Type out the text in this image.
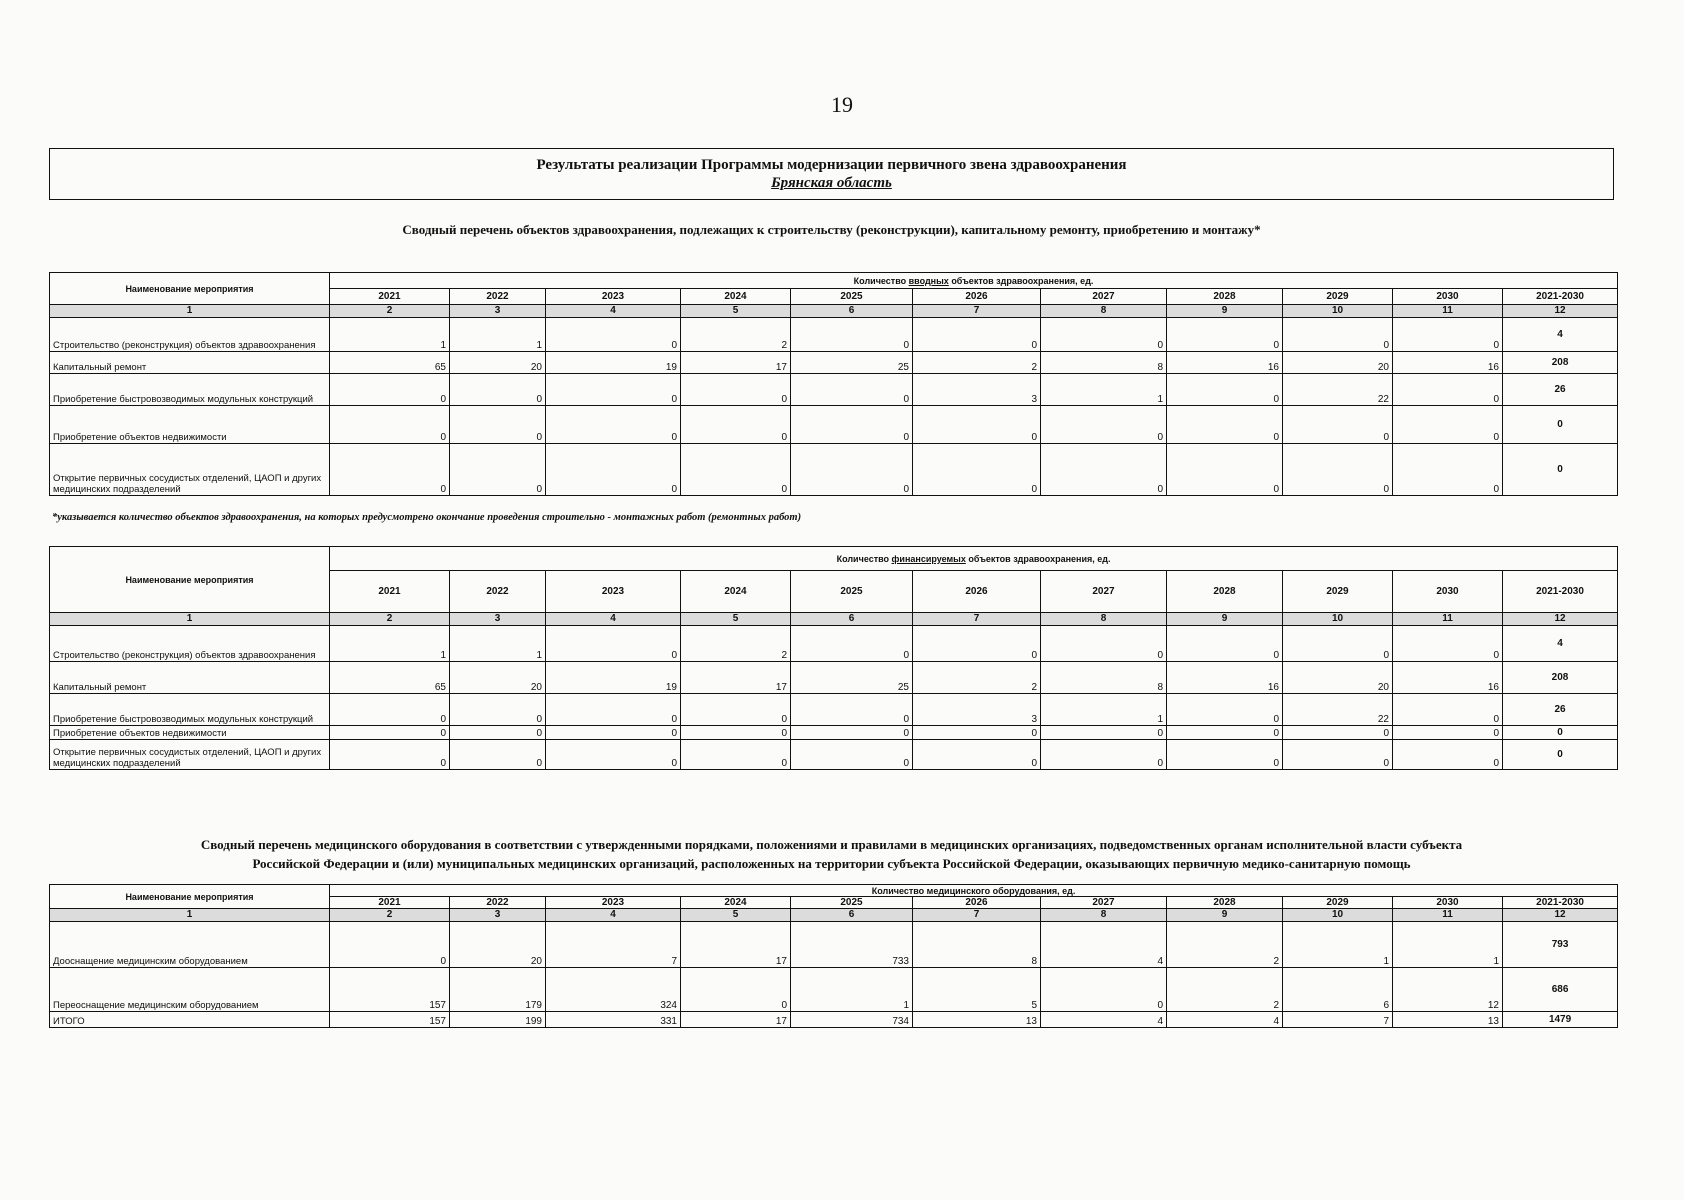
19
Результаты реализации Программы модернизации первичного звена здравоохранения
Брянская область
Сводный перечень объектов здравоохранения, подлежащих к строительству (реконструкции), капитальному ремонту, приобретению и монтажу*
Наименование мероприятия	Количество вводных объектов здравоохранения, ед.										
	2021	2022	2023	2024	2025	2026	2027	2028	2029	2030	2021-2030
1	2	3	4	5	6	7	8	9	10	11	12
Строительство (реконструкция) объектов здравоохранения	1	1	0	2	0	0	0	0	0	0	4
Капитальный ремонт	65	20	19	17	25	2	8	16	20	16	208
Приобретение быстровозводимых модульных конструкций	0	0	0	0	0	3	1	0	22	0	26
Приобретение объектов недвижимости	0	0	0	0	0	0	0	0	0	0	0
Открытие первичных сосудистых отделений, ЦАОП и других медицинских подразделений	0	0	0	0	0	0	0	0	0	0	0
*указывается количество объектов здравоохранения, на которых предусмотрено окончание проведения строительно - монтажных работ (ремонтных работ)
Наименование мероприятия	Количество финансируемых объектов здравоохранения, ед.										
	2021	2022	2023	2024	2025	2026	2027	2028	2029	2030	2021-2030
1	2	3	4	5	6	7	8	9	10	11	12
Строительство (реконструкция) объектов здравоохранения	1	1	0	2	0	0	0	0	0	0	4
Капитальный ремонт	65	20	19	17	25	2	8	16	20	16	208
Приобретение быстровозводимых модульных конструкций	0	0	0	0	0	3	1	0	22	0	26
Приобретение объектов недвижимости	0	0	0	0	0	0	0	0	0	0	0
Открытие первичных сосудистых отделений, ЦАОП и других медицинских подразделений	0	0	0	0	0	0	0	0	0	0	0
Сводный перечень медицинского оборудования в соответствии с утвержденными порядками, положениями и правилами в медицинских организациях, подведомственных органам исполнительной власти субъекта
Российской Федерации и (или) муниципальных медицинских организаций, расположенных на территории субъекта Российской Федерации, оказывающих первичную медико-санитарную помощь
Наименование мероприятия	Количество медицинского оборудования, ед.										
	2021	2022	2023	2024	2025	2026	2027	2028	2029	2030	2021-2030
1	2	3	4	5	6	7	8	9	10	11	12
Дооснащение медицинским оборудованием	0	20	7	17	733	8	4	2	1	1	793
Переоснащение медицинским оборудованием	157	179	324	0	1	5	0	2	6	12	686
ИТОГО	157	199	331	17	734	13	4	4	7	13	1479
